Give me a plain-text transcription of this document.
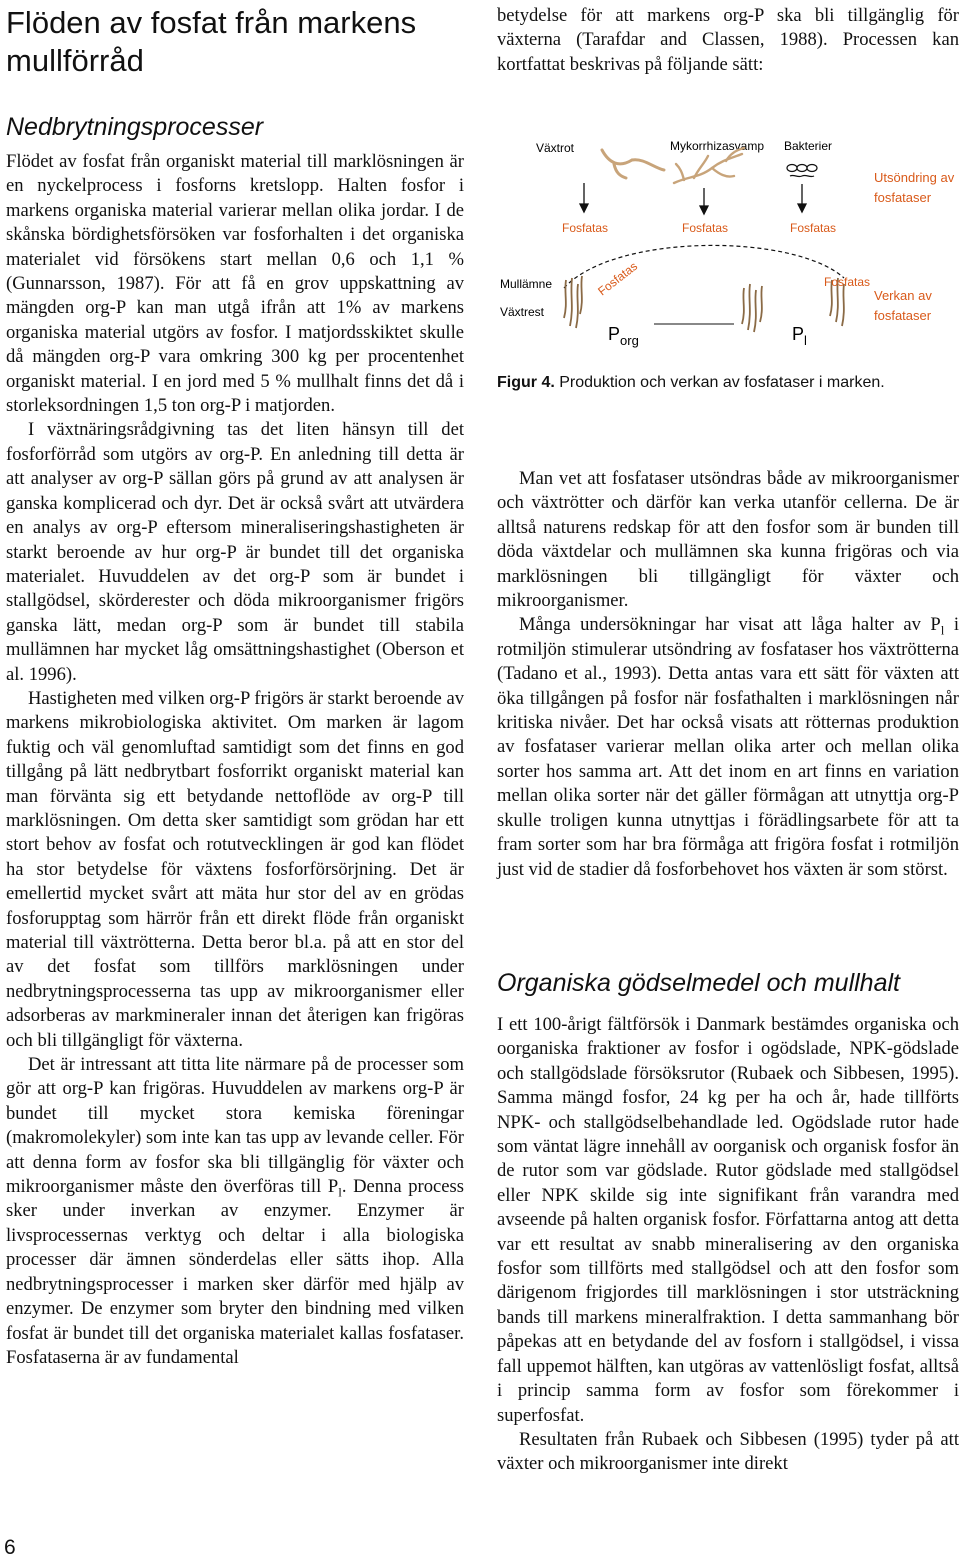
Flöden av fosfat från markens mullförråd
Nedbrytningsprocesser

Flödet av fosfat från organiskt material till marklösningen är en nyckelprocess i fosforns kretslopp. Halten fosfor i markens organiska material varierar mellan olika jordar. I de skånska bördighetsförsöken var fosforhalten i det organiska materialet vid försökens start mellan 0,6 och 1,1 % (Gunnarsson, 1987). För att få en grov uppskattning av mängden org-P kan man utgå ifrån att 1% av markens organiska material utgörs av fosfor. I matjordsskiktet skulle då mängden org-P vara omkring 300 kg per procentenhet organiskt material. I en jord med 5 % mullhalt finns det då i storleksordningen 1,5 ton org-P i matjorden.

I växtnäringsrådgivning tas det liten hänsyn till det fosforförråd som utgörs av org-P. En anledning till detta är att analyser av org-P sällan görs på grund av att analysen är ganska komplicerad och dyr. Det är också svårt att utvärdera en analys av org-P eftersom mineraliseringshastigheten är starkt beroende av hur org-P är bundet till det organiska materialet. Huvuddelen av det org-P som är bundet i stallgödsel, skörderester och döda mikroorganismer frigörs ganska lätt, medan org-P som är bundet till stabila mullämnen har mycket låg omsättningshastighet (Oberson et al. 1996).

Hastigheten med vilken org-P frigörs är starkt beroende av markens mikrobiologiska aktivitet. Om marken är lagom fuktig och väl genomluftad samtidigt som det finns en god tillgång på lätt nedbrytbart fosforrikt organiskt material kan man förvänta sig ett betydande nettoflöde av org-P till marklösningen. Om detta sker samtidigt som grödan har ett stort behov av fosfat och rotutvecklingen är god kan flödet ha stor betydelse för växtens fosforförsörjning. Det är emellertid mycket svårt att mäta hur stor del av en grödas fosforupptag som härrör från ett direkt flöde från organiskt material till växtrötterna. Detta beror bl.a. på att en stor del av det fosfat som tillförs marklösningen under nedbrytningsprocesserna tas upp av mikroorganismer eller adsorberas av markmineraler innan det återigen kan frigöras och bli tillgängligt för växterna.

Det är intressant att titta lite närmare på de processer som gör att org-P kan frigöras. Huvuddelen av markens org-P är bundet till mycket stora kemiska föreningar (makromolekyler) som inte kan tas upp av levande celler. För att denna form av fosfor ska bli tillgänglig för växter och mikroorganismer måste den överföras till $P_l$. Denna process sker under inverkan av enzymer. Enzymer är livsprocessernas verktyg och deltar i alla biologiska processer där ämnen sönderdelas eller sätts ihop. Alla nedbrytningsprocesser i marken sker därför med hjälp av enzymer. De enzymer som bryter den bindning med vilken fosfat är bundet till det organiska materialet kallas fosfataser. Fosfataserna är av fundamental

betydelse för att markens org-P ska bli tillgänglig för växterna (Tarafdar and Classen, 1988). Processen kan kortfattat beskrivas på följande sätt:

Växtrot	Mykorrhizasvamp Bakterier
Fosfatas	Fosfatas	Fosfatas
Utsöndring av
fosfataser
Verkan av
fosfataser
Mullämne
Växtrest
Fosfatas	Fosfatas
$P_{org}$	$P_l$
Figur 4. Produktion och verkan av fosfataser i marken.

Man vet att fosfataser utsöndras både av mikroorganismer och växtrötter och därför kan verka utanför cellerna. De är alltså naturens redskap för att den fosfor som är bunden till döda växtdelar och mullämnen ska kunna frigöras och via marklösningen bli tillgängligt för växter och mikroorganismer.

Många undersökningar har visat att låga halter av $P_l$ i rotmiljön stimulerar utsöndring av fosfataser hos växtrötterna (Tadano et al., 1993). Detta antas vara ett sätt för växten att öka tillgången på fosfor när fosfathalten i marklösningen når kritiska nivåer. Det har också visats att rötternas produktion av fosfataser varierar mellan olika arter och mellan olika sorter hos samma art. Att det inom en art finns en variation mellan olika sorter när det gäller förmågan att utnyttja org-P skulle troligen kunna utnyttjas i förädlingsarbete för att ta fram sorter som har bra förmåga att frigöra fosfat i rotmiljön just vid de stadier då fosforbehovet hos växten är som störst.

Organiska gödselmedel och mullhalt

I ett 100-årigt fältförsök i Danmark bestämdes organiska och oorganiska fraktioner av fosfor i ogödslade, NPK-gödslade och stallgödslade försöksrutor (Rubaek och Sibbesen, 1995). Samma mängd fosfor, 24 kg per ha och år, hade tillförts NPK- och stallgödselbehandlade led. Ogödslade rutor hade som väntat lägre innehåll av oorganisk och organisk fosfor än de rutor som var gödslade. Rutor gödslade med stallgödsel eller NPK skilde sig inte signifikant från varandra med avseende på halten organisk fosfor. Författarna antog att detta var ett resultat av snabb mineralisering av den organiska fosfor som tillförts med stallgödsel och att den fosfor som därigenom frigjordes till marklösningen i stor utsträckning bands till markens mineralfraktion. I detta sammanhang bör påpekas att en betydande del av fosforn i stallgödsel, i vissa fall uppemot hälften, kan utgöras av vattenlösligt fosfat, alltså i princip samma form av fosfor som förekommer i superfosfat.

Resultaten från Rubaek och Sibbesen (1995) tyder på att växter och mikroorganismer inte direkt

6
